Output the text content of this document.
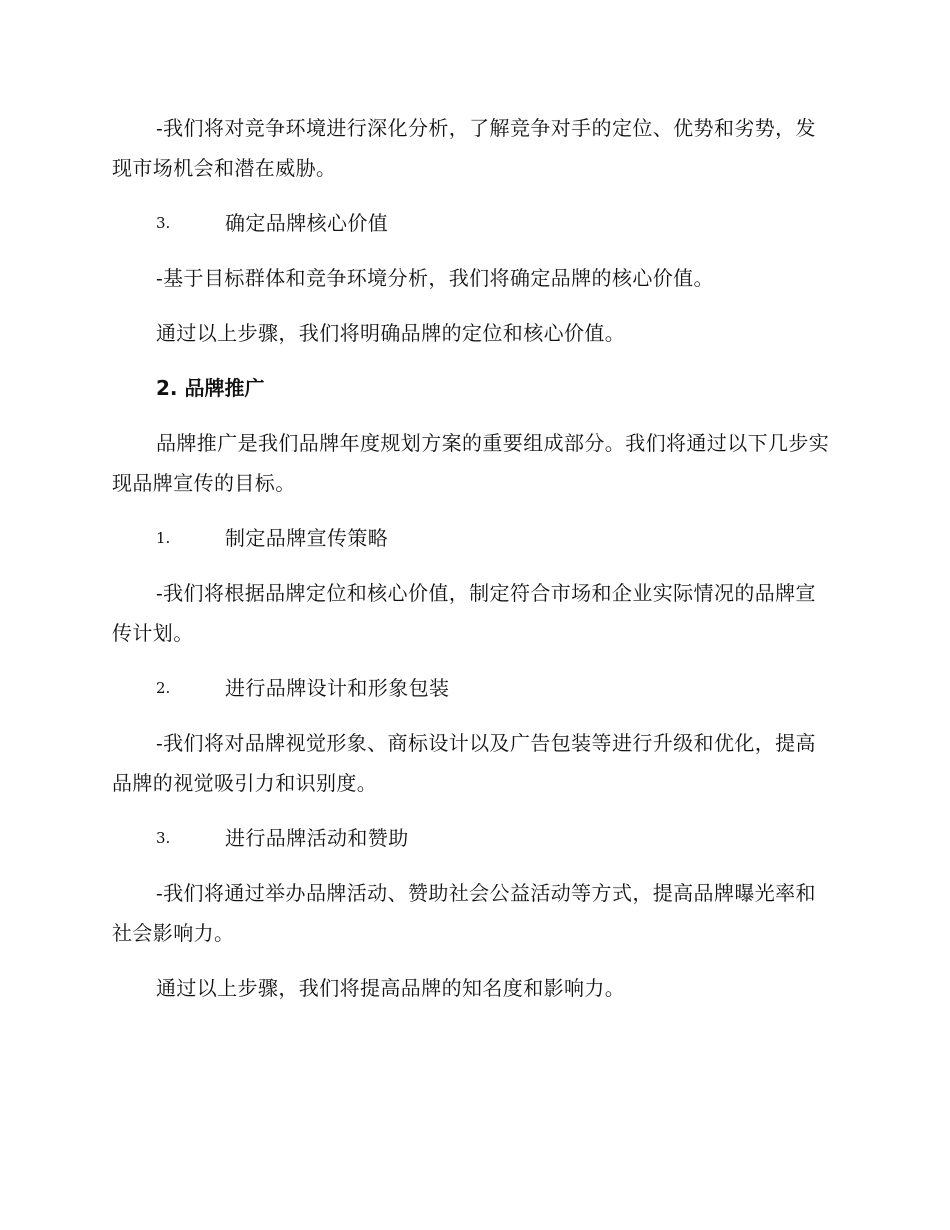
-我们将对竞争环境进行深化分析，了解竞争对手的定位、优势和劣势，发现市场机会和潜在威胁。

3.	确定品牌核心价值

-基于目标群体和竞争环境分析，我们将确定品牌的核心价值。

通过以上步骤，我们将明确品牌的定位和核心价值。

2. 品牌推广

品牌推广是我们品牌年度规划方案的重要组成部分。我们将通过以下几步实现品牌宣传的目标。

1.	制定品牌宣传策略

-我们将根据品牌定位和核心价值，制定符合市场和企业实际情况的品牌宣传计划。

2.	进行品牌设计和形象包装

-我们将对品牌视觉形象、商标设计以及广告包装等进行升级和优化，提高品牌的视觉吸引力和识别度。

3.	进行品牌活动和赞助

-我们将通过举办品牌活动、赞助社会公益活动等方式，提高品牌曝光率和社会影响力。

通过以上步骤，我们将提高品牌的知名度和影响力。
